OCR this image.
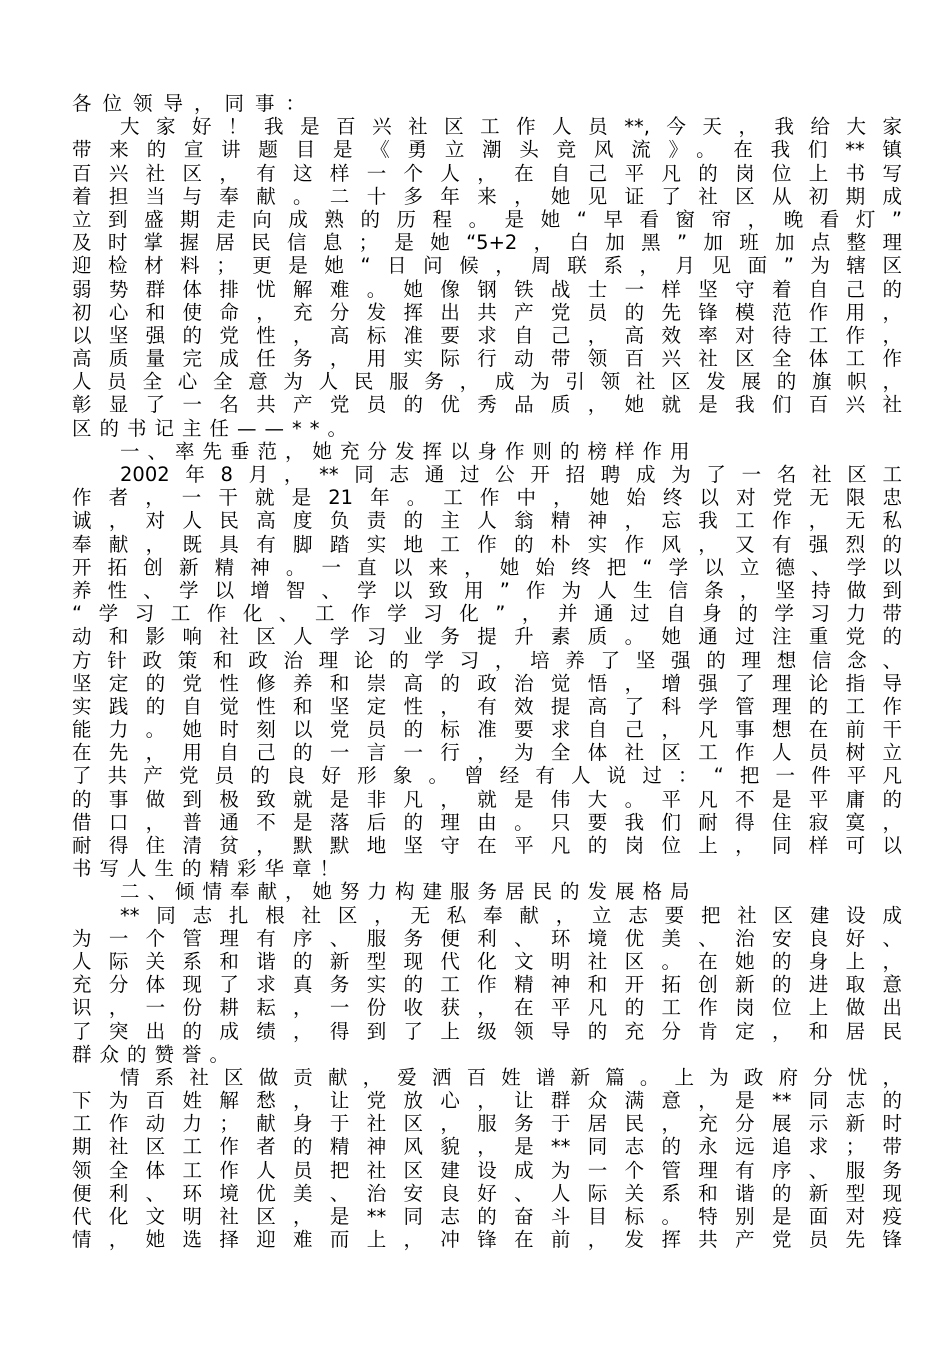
各位领导，同事：
大家好！我是百兴社区工作人员**,今天，我给大家
带来的宣讲题目是《勇立潮头竞风流》。在我们**镇
百兴社区，有这样一个人，在自己平凡的岗位上书写
着担当与奉献。二十多年来，她见证了社区从初期成
立到盛期走向成熟的历程。是她“早看窗帘，晚看灯”
及时掌握居民信息；是她“5+2，白加黑”加班加点整理
迎检材料；更是她“日问候，周联系，月见面”为辖区
弱势群体排忧解难。她像钢铁战士一样坚守着自己的
初心和使命，充分发挥出共产党员的先锋模范作用，
以坚强的党性，高标准要求自己，高效率对待工作，
高质量完成任务，用实际行动带领百兴社区全体工作
人员全心全意为人民服务，成为引领社区发展的旗帜，
彰显了一名共产党员的优秀品质，她就是我们百兴社
区的书记主任——**。
一、率先垂范，她充分发挥以身作则的榜样作用
2002年8月，**同志通过公开招聘成为了一名社区工
作者，一干就是21年。工作中，她始终以对党无限忠
诚，对人民高度负责的主人翁精神，忘我工作，无私
奉献，既具有脚踏实地工作的朴实作风，又有强烈的
开拓创新精神。一直以来，她始终把“学以立德、学以
养性、学以增智、学以致用”作为人生信条，坚持做到
“学习工作化、工作学习化”，并通过自身的学习力带
动和影响社区人学习业务提升素质。她通过注重党的
方针政策和政治理论的学习，培养了坚强的理想信念、
坚定的党性修养和崇高的政治觉悟，增强了理论指导
实践的自觉性和坚定性，有效提高了科学管理的工作
能力。她时刻以党员的标准要求自己，凡事想在前干
在先，用自己的一言一行，为全体社区工作人员树立
了共产党员的良好形象。曾经有人说过：“把一件平凡
的事做到极致就是非凡，就是伟大。平凡不是平庸的
借口，普通不是落后的理由。只要我们耐得住寂寞，
耐得住清贫，默默地坚守在平凡的岗位上，同样可以
书写人生的精彩华章！
二、倾情奉献，她努力构建服务居民的发展格局
**同志扎根社区，无私奉献，立志要把社区建设成
为一个管理有序、服务便利、环境优美、治安良好、
人际关系和谐的新型现代化文明社区。在她的身上，
充分体现了求真务实的工作精神和开拓创新的进取意
识，一份耕耘，一份收获，在平凡的工作岗位上做出
了突出的成绩，得到了上级领导的充分肯定，和居民
群众的赞誉。
情系社区做贡献，爱洒百姓谱新篇。上为政府分忧，
下为百姓解愁，让党放心，让群众满意，是**同志的
工作动力；献身于社区，服务于居民，充分展示新时
期社区工作者的精神风貌，是**同志的永远追求；带
领全体工作人员把社区建设成为一个管理有序、服务
便利、环境优美、治安良好、人际关系和谐的新型现
代化文明社区，是**同志的奋斗目标。特别是面对疫
情，她选择迎难而上，冲锋在前，发挥共产党员先锋
